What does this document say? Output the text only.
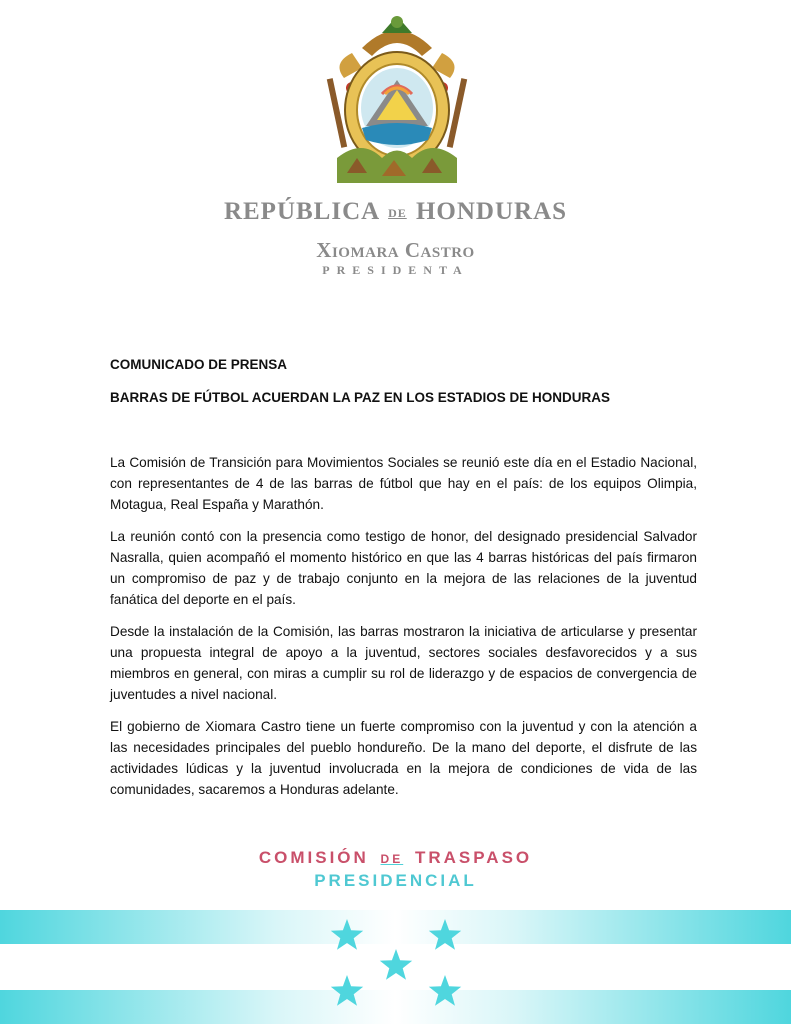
REPÚBLICA DE HONDURAS
Xiomara Castro
PRESIDENTA
COMUNICADO DE PRENSA
BARRAS DE FÚTBOL ACUERDAN LA PAZ EN LOS ESTADIOS DE HONDURAS

La Comisión de Transición para Movimientos Sociales se reunió este día en el Estadio Nacional, con representantes de 4 de las barras de fútbol que hay en el país: de los equipos Olimpia, Motagua, Real España y Marathón.

La reunión contó con la presencia como testigo de honor, del designado presidencial Salvador Nasralla, quien acompañó el momento histórico en que las 4 barras históricas del país firmaron un compromiso de paz y de trabajo conjunto en la mejora de las relaciones de la juventud fanática del deporte en el país.

Desde la instalación de la Comisión, las barras mostraron la iniciativa de articularse y presentar una propuesta integral de apoyo a la juventud, sectores sociales desfavorecidos y a sus miembros en general, con miras a cumplir su rol de liderazgo y de espacios de convergencia de juventudes a nivel nacional.

El gobierno de Xiomara Castro tiene un fuerte compromiso con la juventud y con la atención a las necesidades principales del pueblo hondureño. De la mano del deporte, el disfrute de las actividades lúdicas y la juventud involucrada en la mejora de condiciones de vida de las comunidades, sacaremos a Honduras adelante.

COMISIÓN DE TRASPASO
PRESIDENCIAL
